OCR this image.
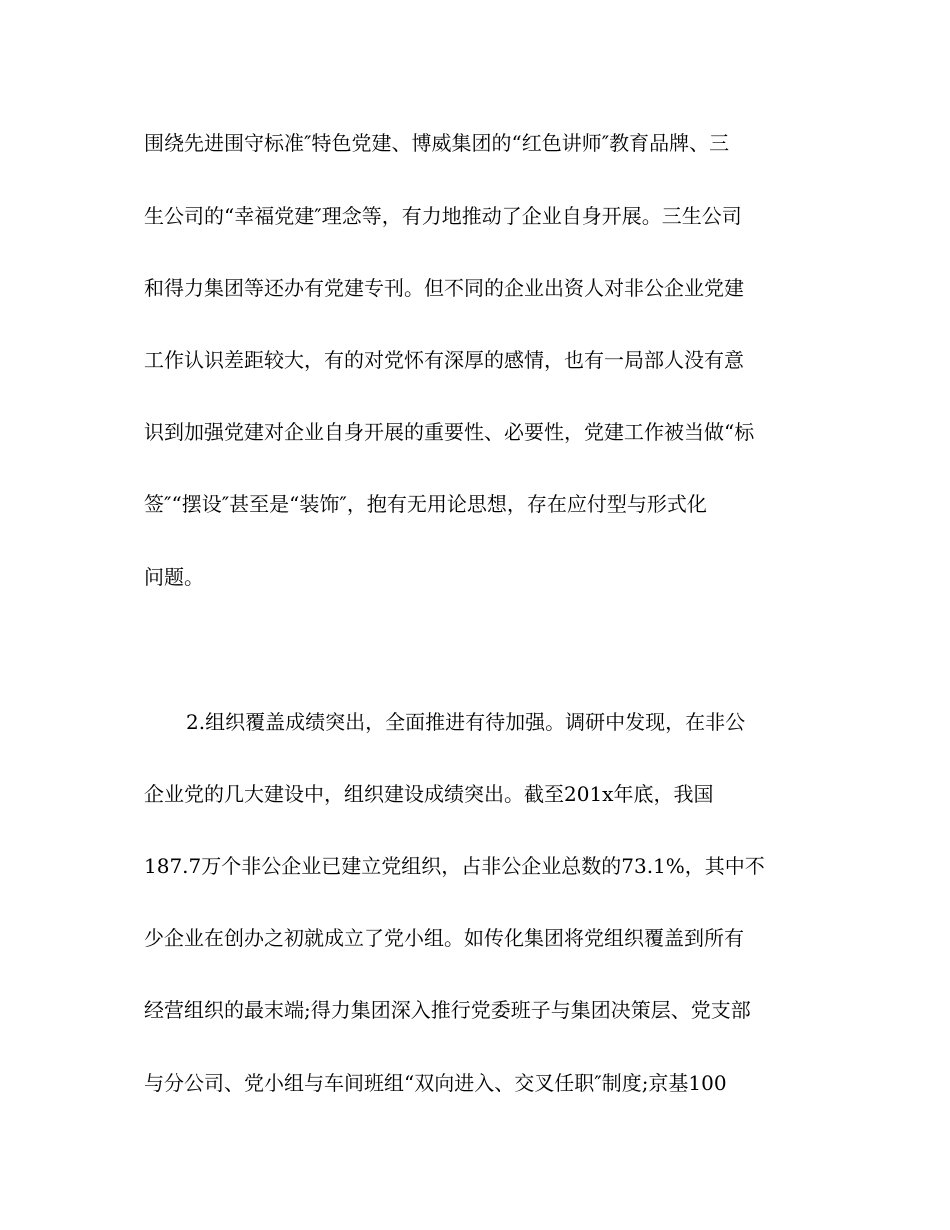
围绕先进围守标准″特色党建、博威集团的“红色讲师″教育品牌、三
生公司的“幸福党建″理念等，有力地推动了企业自身开展。三生公司
和得力集团等还办有党建专刊。但不同的企业出资人对非公企业党建
工作认识差距较大，有的对党怀有深厚的感情，也有一局部人没有意
识到加强党建对企业自身开展的重要性、必要性，党建工作被当做“标
签″“摆设″甚至是“装饰″，抱有无用论思想，存在应付型与形式化
问题。
2.组织覆盖成绩突出，全面推进有待加强。调研中发现，在非公
企业党的几大建设中，组织建设成绩突出。截至201x年底，我国
187.7万个非公企业已建立党组织，占非公企业总数的73.1%，其中不
少企业在创办之初就成立了党小组。如传化集团将党组织覆盖到所有
经营组织的最末端;得力集团深入推行党委班子与集团决策层、党支部
与分公司、党小组与车间班组“双向进入、交叉任职″制度;京基100
